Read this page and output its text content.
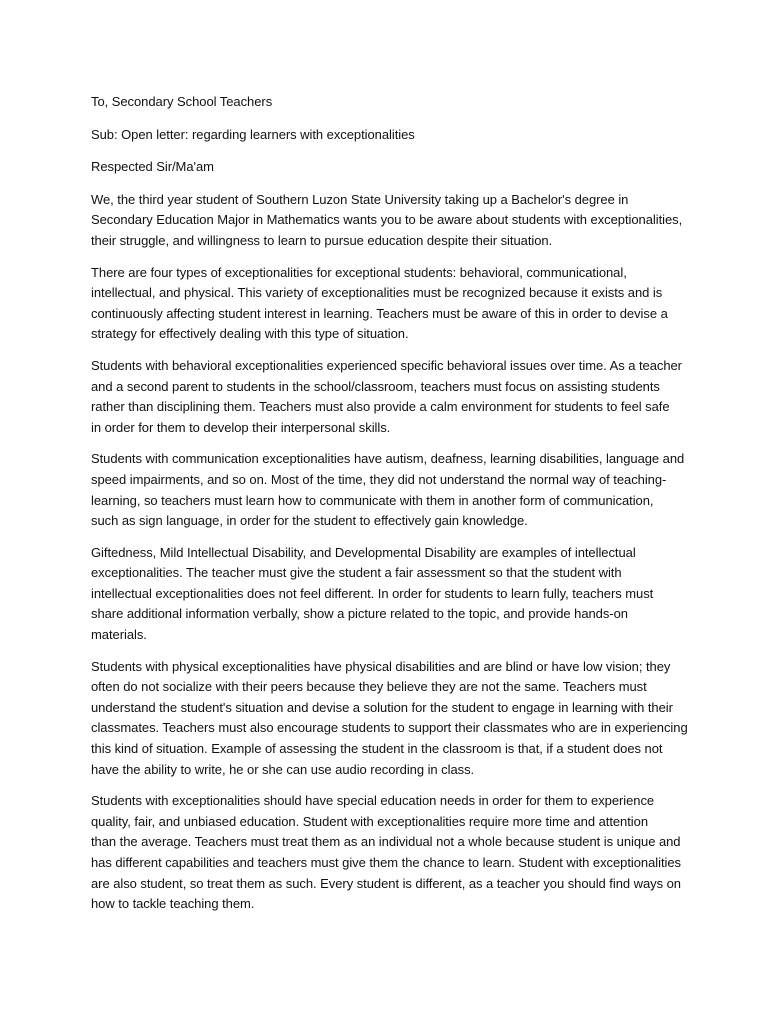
To, Secondary School Teachers
Sub: Open letter: regarding learners with exceptionalities
Respected Sir/Ma'am
We, the third year student of Southern Luzon State University taking up a Bachelor's degree in
Secondary Education Major in Mathematics wants you to be aware about students with exceptionalities,
their struggle, and willingness to learn to pursue education despite their situation.
There are four types of exceptionalities for exceptional students: behavioral, communicational,
intellectual, and physical. This variety of exceptionalities must be recognized because it exists and is
continuously affecting student interest in learning. Teachers must be aware of this in order to devise a
strategy for effectively dealing with this type of situation.
Students with behavioral exceptionalities experienced specific behavioral issues over time. As a teacher
and a second parent to students in the school/classroom, teachers must focus on assisting students
rather than disciplining them. Teachers must also provide a calm environment for students to feel safe
in order for them to develop their interpersonal skills.
Students with communication exceptionalities have autism, deafness, learning disabilities, language and
speed impairments, and so on. Most of the time, they did not understand the normal way of teaching-
learning, so teachers must learn how to communicate with them in another form of communication,
such as sign language, in order for the student to effectively gain knowledge.
Giftedness, Mild Intellectual Disability, and Developmental Disability are examples of intellectual
exceptionalities. The teacher must give the student a fair assessment so that the student with
intellectual exceptionalities does not feel different. In order for students to learn fully, teachers must
share additional information verbally, show a picture related to the topic, and provide hands-on
materials.
Students with physical exceptionalities have physical disabilities and are blind or have low vision; they
often do not socialize with their peers because they believe they are not the same. Teachers must
understand the student's situation and devise a solution for the student to engage in learning with their
classmates. Teachers must also encourage students to support their classmates who are in experiencing
this kind of situation. Example of assessing the student in the classroom is that, if a student does not
have the ability to write, he or she can use audio recording in class.
Students with exceptionalities should have special education needs in order for them to experience
quality, fair, and unbiased education. Student with exceptionalities require more time and attention
than the average. Teachers must treat them as an individual not a whole because student is unique and
has different capabilities and teachers must give them the chance to learn. Student with exceptionalities
are also student, so treat them as such. Every student is different, as a teacher you should find ways on
how to tackle teaching them.
